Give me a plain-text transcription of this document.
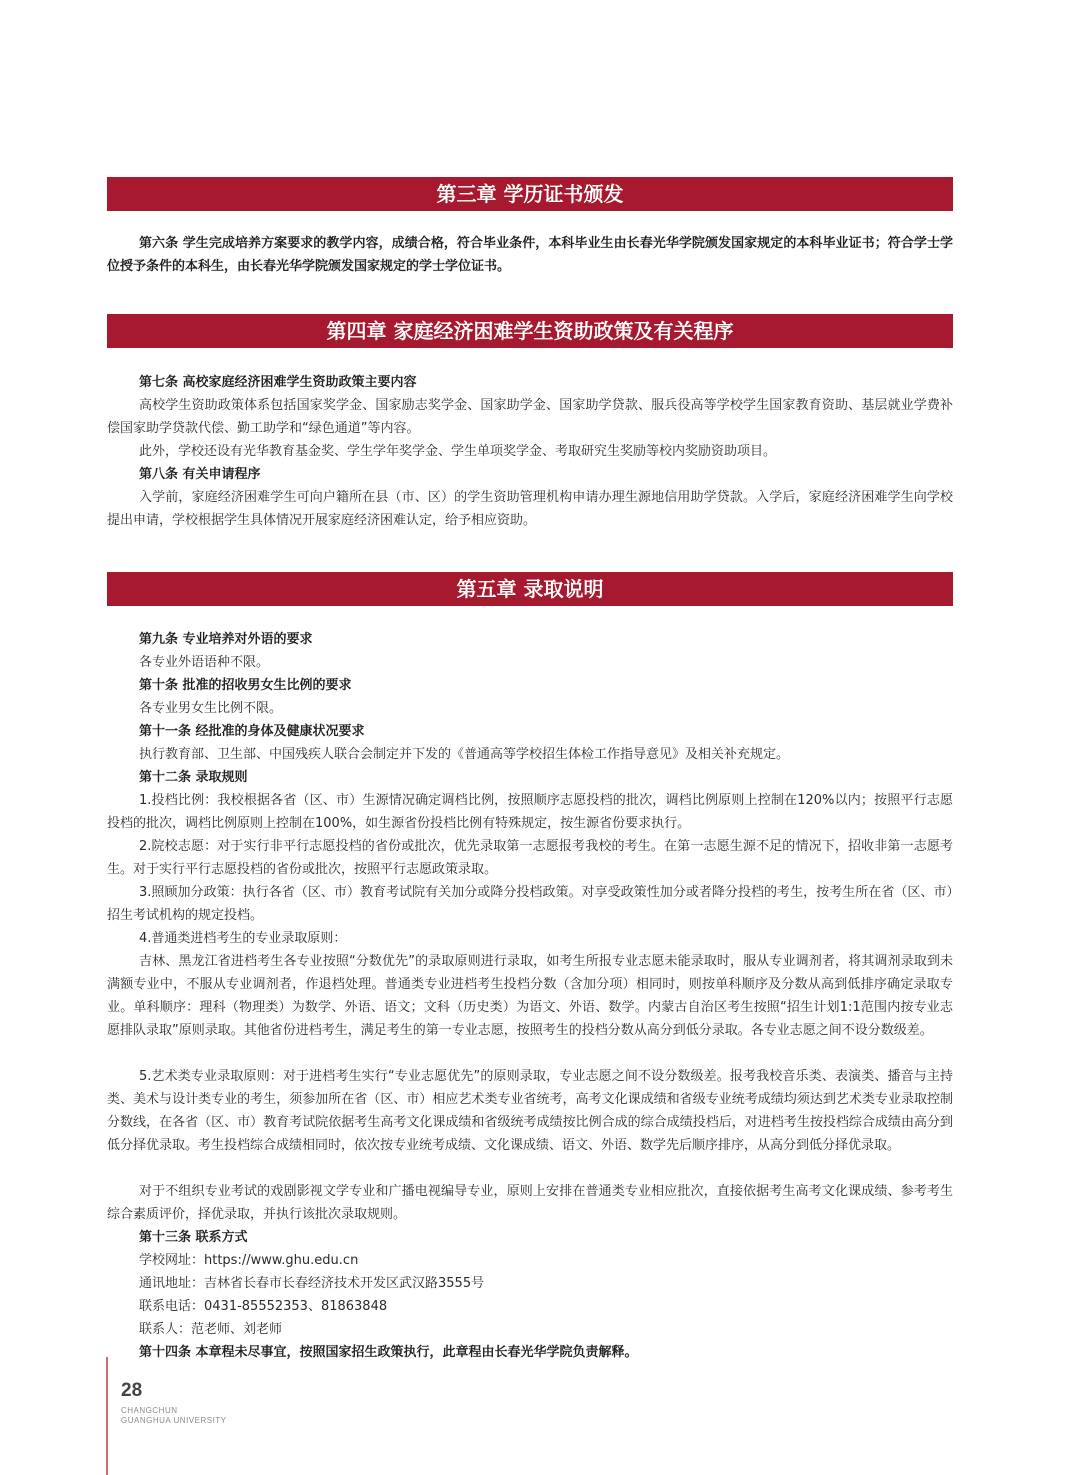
第三章 学历证书颁发

第六条 学生完成培养方案要求的教学内容，成绩合格，符合毕业条件，本科毕业生由长春光华学院颁发国家规定的本科毕业证书；符合学士学位授予条件的本科生，由长春光华学院颁发国家规定的学士学位证书。

第四章 家庭经济困难学生资助政策及有关程序
第七条 高校家庭经济困难学生资助政策主要内容

高校学生资助政策体系包括国家奖学金、国家励志奖学金、国家助学金、国家助学贷款、服兵役高等学校学生国家教育资助、基层就业学费补偿国家助学贷款代偿、勤工助学和“绿色通道”等内容。

此外，学校还设有光华教育基金奖、学生学年奖学金、学生单项奖学金、考取研究生奖励等校内奖励资助项目。
第八条 有关申请程序

入学前，家庭经济困难学生可向户籍所在县（市、区）的学生资助管理机构申请办理生源地信用助学贷款。入学后，家庭经济困难学生向学校提出申请，学校根据学生具体情况开展家庭经济困难认定，给予相应资助。

第五章 录取说明
第九条 专业培养对外语的要求
各专业外语语种不限。
第十条 批准的招收男女生比例的要求
各专业男女生比例不限。
第十一条 经批准的身体及健康状况要求
执行教育部、卫生部、中国残疾人联合会制定并下发的《普通高等学校招生体检工作指导意见》及相关补充规定。
第十二条 录取规则

1.投档比例：我校根据各省（区、市）生源情况确定调档比例，按照顺序志愿投档的批次，调档比例原则上控制在120%以内；按照平行志愿投档的批次，调档比例原则上控制在100%，如生源省份投档比例有特殊规定，按生源省份要求执行。

2.院校志愿：对于实行非平行志愿投档的省份或批次，优先录取第一志愿报考我校的考生。在第一志愿生源不足的情况下，招收非第一志愿考生。对于实行平行志愿投档的省份或批次，按照平行志愿政策录取。

3.照顾加分政策：执行各省（区、市）教育考试院有关加分或降分投档政策。对享受政策性加分或者降分投档的考生，按考生所在省（区、市）招生考试机构的规定投档。

4.普通类进档考生的专业录取原则：

吉林、黑龙江省进档考生各专业按照“分数优先”的录取原则进行录取，如考生所报专业志愿未能录取时，服从专业调剂者，将其调剂录取到未满额专业中，不服从专业调剂者，作退档处理。普通类专业进档考生投档分数（含加分项）相同时，则按单科顺序及分数从高到低排序确定录取专业。单科顺序：理科（物理类）为数学、外语、语文；文科（历史类）为语文、外语、数学。内蒙古自治区考生按照“招生计划1:1范围内按专业志愿排队录取”原则录取。其他省份进档考生，满足考生的第一专业志愿，按照考生的投档分数从高分到低分录取。各专业志愿之间不设分数级差。

5.艺术类专业录取原则：对于进档考生实行“专业志愿优先”的原则录取，专业志愿之间不设分数级差。报考我校音乐类、表演类、播音与主持类、美术与设计类专业的考生，须参加所在省（区、市）相应艺术类专业省统考，高考文化课成绩和省级专业统考成绩均须达到艺术类专业录取控制分数线，在各省（区、市）教育考试院依据考生高考文化课成绩和省级统考成绩按比例合成的综合成绩投档后，对进档考生按投档综合成绩由高分到低分择优录取。考生投档综合成绩相同时，依次按专业统考成绩、文化课成绩、语文、外语、数学先后顺序排序，从高分到低分择优录取。

对于不组织专业考试的戏剧影视文学专业和广播电视编导专业，原则上安排在普通类专业相应批次，直接依据考生高考文化课成绩、参考考生综合素质评价，择优录取，并执行该批次录取规则。

第十三条 联系方式
学校网址：https://www.ghu.edu.cn
通讯地址：吉林省长春市长春经济技术开发区武汉路3555号
联系电话：0431-85552353、81863848
联系人：范老师、刘老师
第十四条 本章程未尽事宜，按照国家招生政策执行，此章程由长春光华学院负责解释。
28
CHANGCHUN
GUANGHUA UNIVERSITY
